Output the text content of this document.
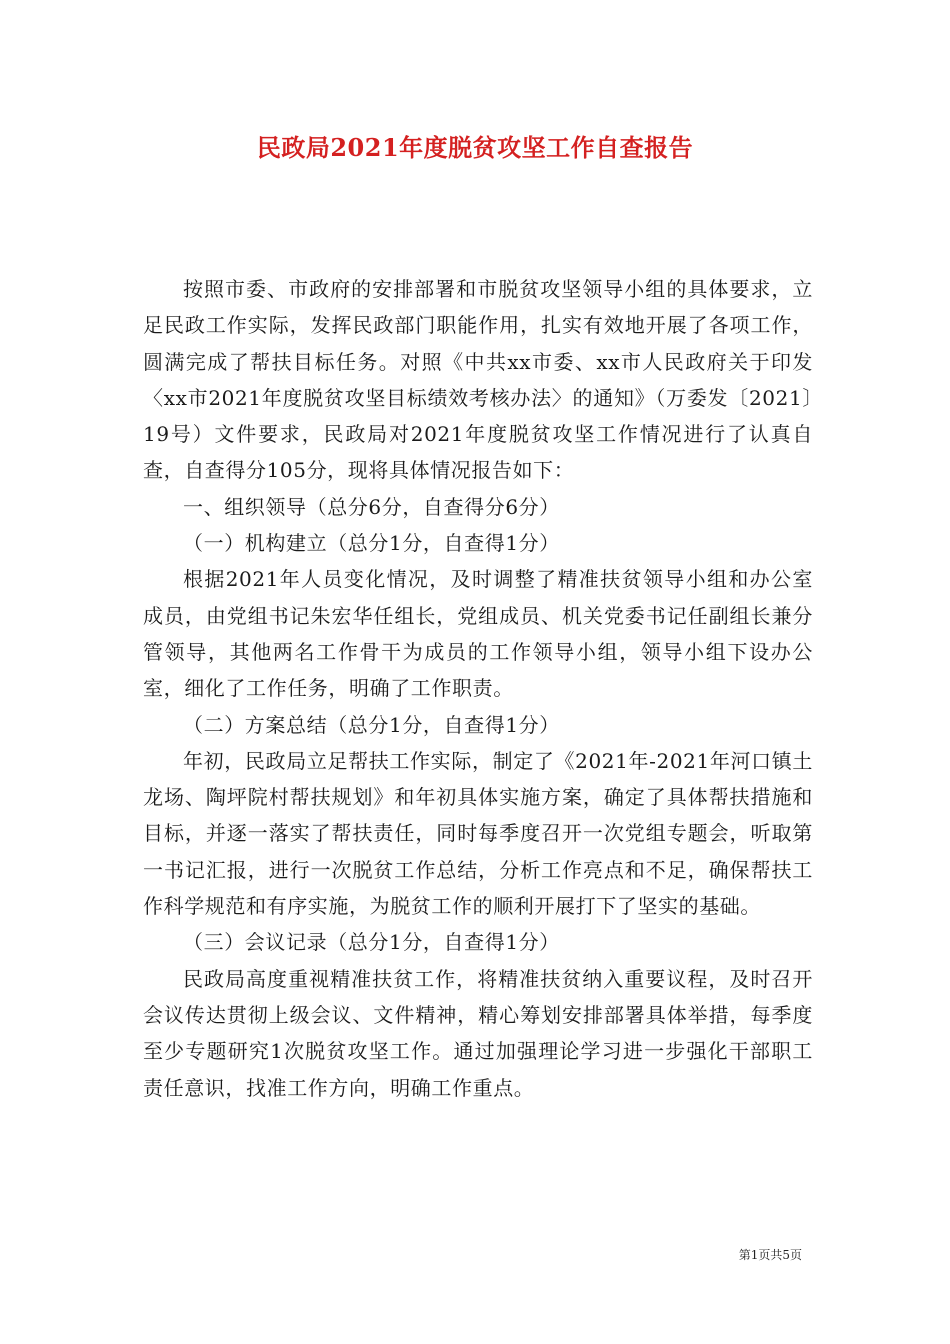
民政局2021年度脱贫攻坚工作自查报告

按照市委、市政府的安排部署和市脱贫攻坚领导小组的具体要求，立足民政工作实际，发挥民政部门职能作用，扎实有效地开展了各项工作，圆满完成了帮扶目标任务。对照《中共xx市委、xx市人民政府关于印发〈xx市2021年度脱贫攻坚目标绩效考核办法〉的通知》（万委发〔2021〕19号）文件要求，民政局对2021年度脱贫攻坚工作情况进行了认真自查，自查得分105分，现将具体情况报告如下：

一、组织领导（总分6分，自查得分6分）

（一）机构建立（总分1分，自查得1分）

根据2021年人员变化情况，及时调整了精准扶贫领导小组和办公室成员，由党组书记朱宏华任组长，党组成员、机关党委书记任副组长兼分管领导，其他两名工作骨干为成员的工作领导小组，领导小组下设办公室，细化了工作任务，明确了工作职责。

（二）方案总结（总分1分，自查得1分）

年初，民政局立足帮扶工作实际，制定了《2021年-2021年河口镇土龙场、陶坪院村帮扶规划》和年初具体实施方案，确定了具体帮扶措施和目标，并逐一落实了帮扶责任，同时每季度召开一次党组专题会，听取第一书记汇报，进行一次脱贫工作总结，分析工作亮点和不足，确保帮扶工作科学规范和有序实施，为脱贫工作的顺利开展打下了坚实的基础。

（三）会议记录（总分1分，自查得1分）

民政局高度重视精准扶贫工作，将精准扶贫纳入重要议程，及时召开会议传达贯彻上级会议、文件精神，精心筹划安排部署具体举措，每季度至少专题研究1次脱贫攻坚工作。通过加强理论学习进一步强化干部职工责任意识，找准工作方向，明确工作重点。

第1页共5页
